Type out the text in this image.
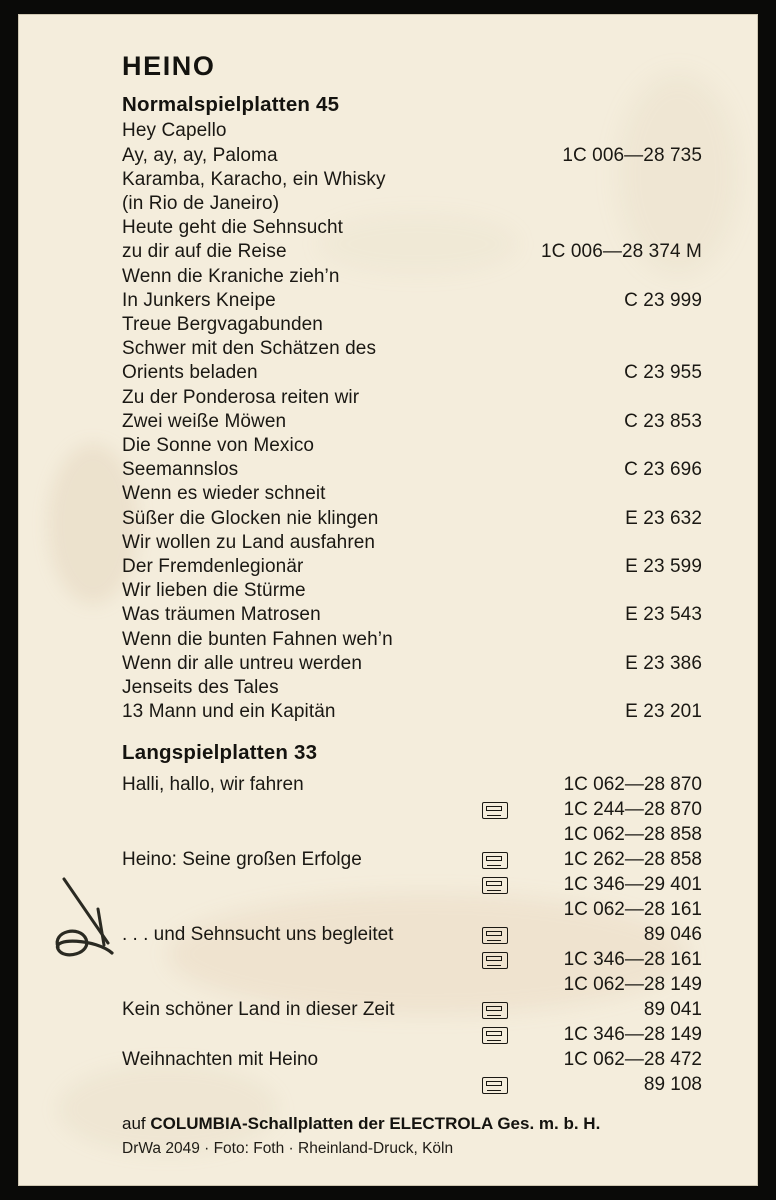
HEINO
Normalspielplatten 45
Hey Capello
Ay, ay, ay, Paloma	1C 006—28 735

Karamba, Karacho, ein Whisky
(in Rio de Janeiro)
Heute geht die Sehnsucht
zu dir auf die Reise	1C 006—28 374 M

Wenn die Kraniche zieh’n
In Junkers Kneipe	C 23 999

Treue Bergvagabunden
Schwer mit den Schätzen des
Orients beladen	C 23 955

Zu der Ponderosa reiten wir
Zwei weiße Möwen	C 23 853

Die Sonne von Mexico
Seemannslos	C 23 696

Wenn es wieder schneit
Süßer die Glocken nie klingen	E 23 632

Wir wollen zu Land ausfahren
Der Fremdenlegionär	E 23 599

Wir lieben die Stürme
Was träumen Matrosen	E 23 543

Wenn die bunten Fahnen weh’n
Wenn dir alle untreu werden	E 23 386

Jenseits des Tales
13 Mann und ein Kapitän	E 23 201
Langspielplatten 33
Halli, hallo, wir fahren		1C 062—28 870
		1C 244—28 870
		1C 062—28 858
Heino: Seine großen Erfolge		1C 262—28 858
		1C 346—29 401
		1C 062—28 161
. . . und Sehnsucht uns begleitet		89 046
		1C 346—28 161
		1C 062—28 149
Kein schöner Land in dieser Zeit		89 041
		1C 346—28 149
Weihnachten mit Heino		1C 062—28 472
		89 108
auf COLUMBIA-Schallplatten der ELECTROLA Ges. m. b. H.
DrWa 2049 · Foto: Foth · Rheinland-Druck, Köln
